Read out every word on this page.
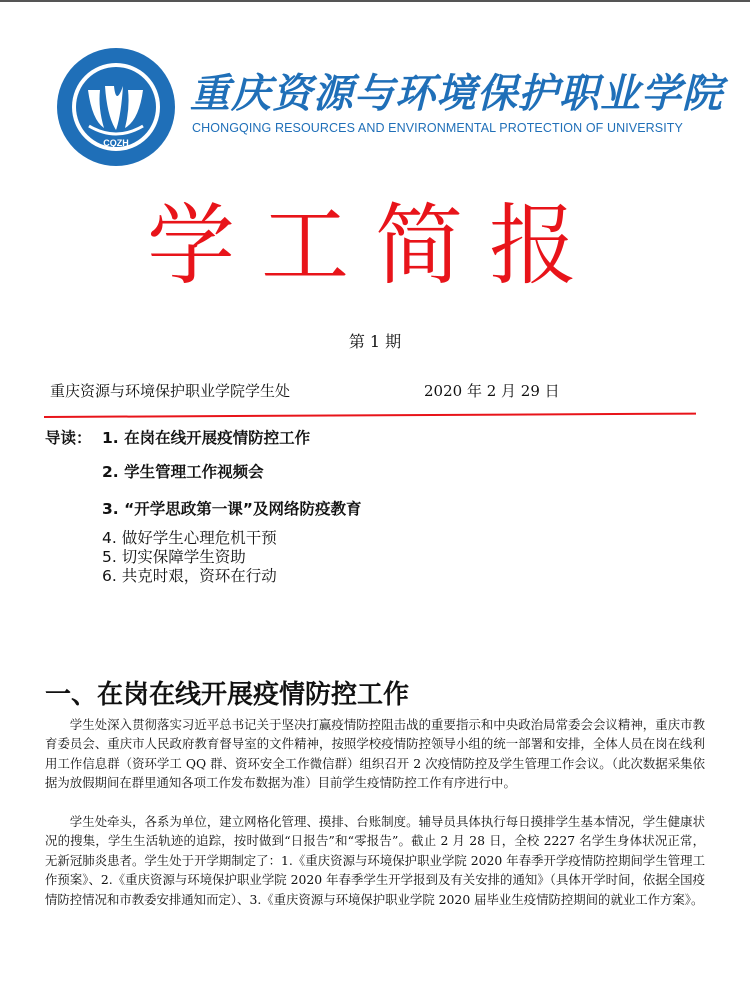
CQZH
重庆资源与环境保护职业学院
CHONGQING RESOURCES AND ENVIRONMENTAL PROTECTION OF UNIVERSITY
学工简报
第 1 期
重庆资源与环境保护职业学院学生处	2020 年 2 月 29 日
导读： 1. 在岗在线开展疫情防控工作
2. 学生管理工作视频会
3. “开学思政第一课”及网络防疫教育
4. 做好学生心理危机干预
5. 切实保障学生资助
6. 共克时艰，资环在行动
一、在岗在线开展疫情防控工作

学生处深入贯彻落实习近平总书记关于坚决打赢疫情防控阻击战的重要指示和中央政治局常委会会议精神，重庆市教育委员会、重庆市人民政府教育督导室的文件精神，按照学校疫情防控领导小组的统一部署和安排，全体人员在岗在线利用工作信息群（资环学工 QQ 群、资环安全工作微信群）组织召开 2 次疫情防控及学生管理工作会议。（此次数据采集依据为放假期间在群里通知各项工作发布数据为准）目前学生疫情防控工作有序进行中。

学生处牵头，各系为单位，建立网格化管理、摸排、台账制度。辅导员具体执行每日摸排学生基本情况，学生健康状况的搜集，学生生活轨迹的追踪，按时做到“日报告”和“零报告”。截止 2 月 28 日，全校 2227 名学生身体状况正常，无新冠肺炎患者。学生处于开学期制定了：1.《重庆资源与环境保护职业学院 2020 年春季开学疫情防控期间学生管理工作预案》、2.《重庆资源与环境保护职业学院 2020 年春季学生开学报到及有关安排的通知》（具体开学时间，依据全国疫情防控情况和市教委安排通知而定）、3.《重庆资源与环境保护职业学院 2020 届毕业生疫情防控期间的就业工作方案》。
